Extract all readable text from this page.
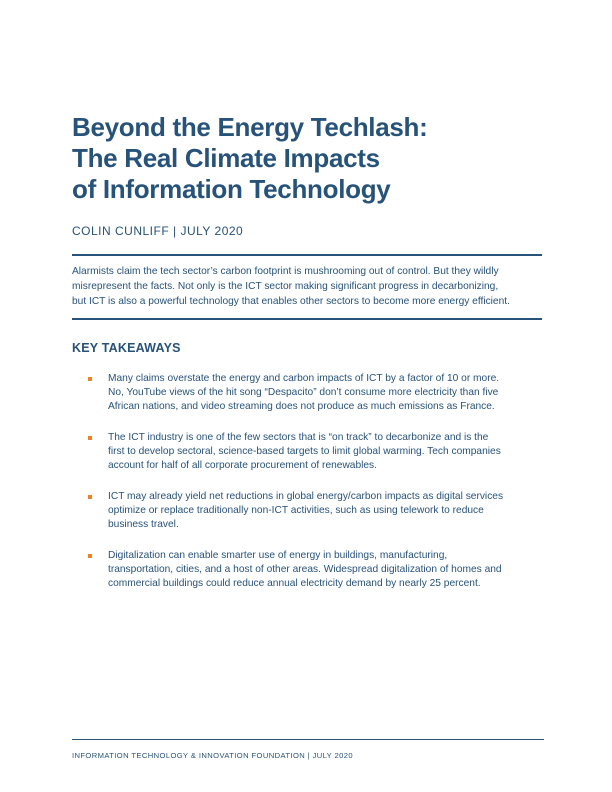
Beyond the Energy Techlash:
The Real Climate Impacts
of Information Technology
COLIN CUNLIFF | JULY 2020
Alarmists claim the tech sector’s carbon footprint is mushrooming out of control. But they wildly
misrepresent the facts. Not only is the ICT sector making significant progress in decarbonizing,
but ICT is also a powerful technology that enables other sectors to become more energy efficient.
KEY TAKEAWAYS
Many claims overstate the energy and carbon impacts of ICT by a factor of 10 or more.
No, YouTube views of the hit song “Despacito” don’t consume more electricity than five
African nations, and video streaming does not produce as much emissions as France.
The ICT industry is one of the few sectors that is “on track” to decarbonize and is the
first to develop sectoral, science-based targets to limit global warming. Tech companies
account for half of all corporate procurement of renewables.
ICT may already yield net reductions in global energy/carbon impacts as digital services
optimize or replace traditionally non-ICT activities, such as using telework to reduce
business travel.
Digitalization can enable smarter use of energy in buildings, manufacturing,
transportation, cities, and a host of other areas. Widespread digitalization of homes and
commercial buildings could reduce annual electricity demand by nearly 25 percent.
INFORMATION TECHNOLOGY & INNOVATION FOUNDATION | JULY 2020
